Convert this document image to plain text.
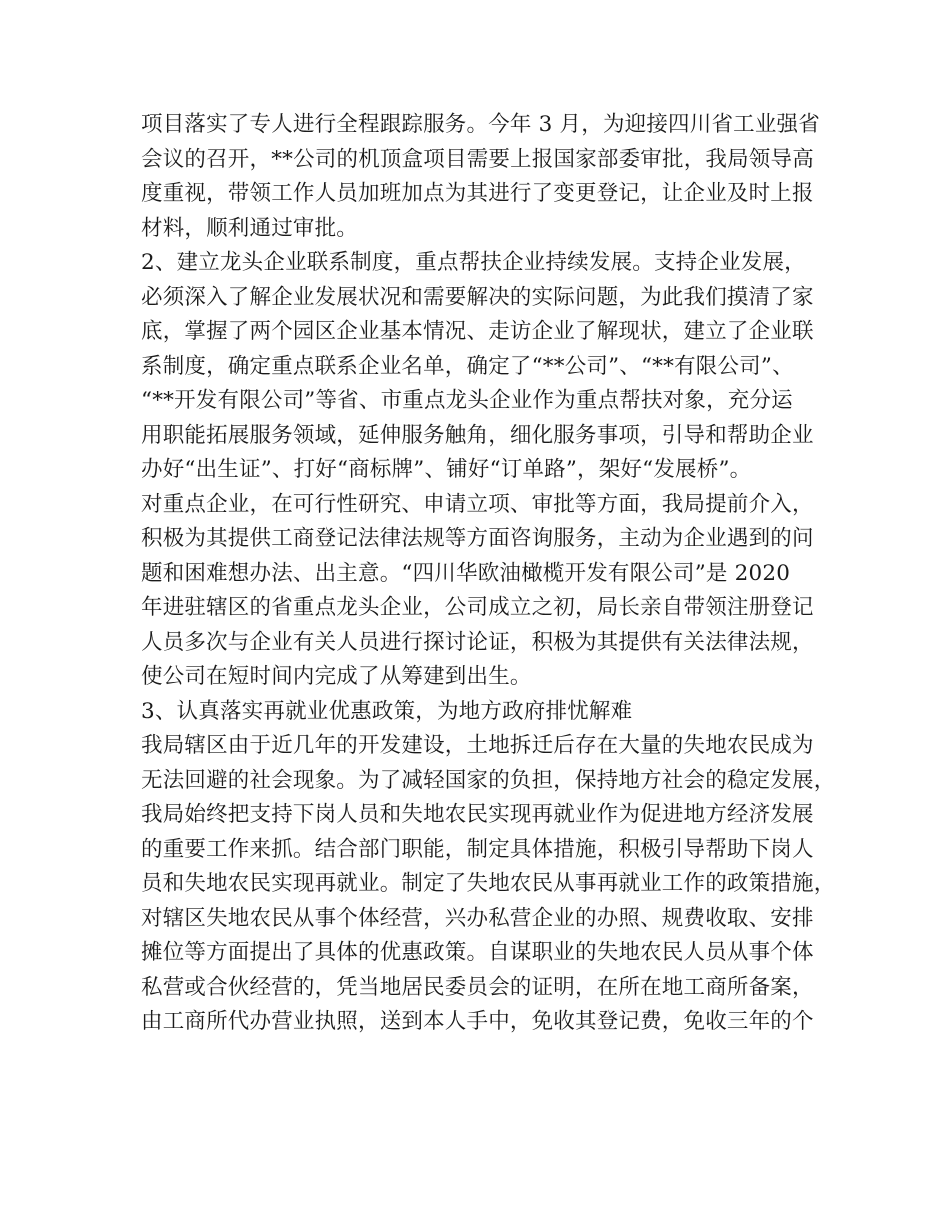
项目落实了专人进行全程跟踪服务。今年 3 月，为迎接四川省工业强省
会议的召开，**公司的机顶盒项目需要上报国家部委审批，我局领导高
度重视，带领工作人员加班加点为其进行了变更登记，让企业及时上报
材料，顺利通过审批。
2、建立龙头企业联系制度，重点帮扶企业持续发展。支持企业发展，
必须深入了解企业发展状况和需要解决的实际问题，为此我们摸清了家
底，掌握了两个园区企业基本情况、走访企业了解现状，建立了企业联
系制度，确定重点联系企业名单，确定了“**公司”、“**有限公司”、
“**开发有限公司”等省、市重点龙头企业作为重点帮扶对象，充分运
用职能拓展服务领域，延伸服务触角，细化服务事项，引导和帮助企业
办好“出生证”、打好“商标牌”、铺好“订单路”，架好“发展桥”。
对重点企业，在可行性研究、申请立项、审批等方面，我局提前介入，
积极为其提供工商登记法律法规等方面咨询服务，主动为企业遇到的问
题和困难想办法、出主意。“四川华欧油橄榄开发有限公司”是 2020
年进驻辖区的省重点龙头企业，公司成立之初，局长亲自带领注册登记
人员多次与企业有关人员进行探讨论证，积极为其提供有关法律法规，
使公司在短时间内完成了从筹建到出生。
3、认真落实再就业优惠政策，为地方政府排忧解难
我局辖区由于近几年的开发建设，土地拆迁后存在大量的失地农民成为
无法回避的社会现象。为了减轻国家的负担，保持地方社会的稳定发展，
我局始终把支持下岗人员和失地农民实现再就业作为促进地方经济发展
的重要工作来抓。结合部门职能，制定具体措施，积极引导帮助下岗人
员和失地农民实现再就业。制定了失地农民从事再就业工作的政策措施，
对辖区失地农民从事个体经营，兴办私营企业的办照、规费收取、安排
摊位等方面提出了具体的优惠政策。自谋职业的失地农民人员从事个体
私营或合伙经营的，凭当地居民委员会的证明，在所在地工商所备案，
由工商所代办营业执照，送到本人手中，免收其登记费，免收三年的个
